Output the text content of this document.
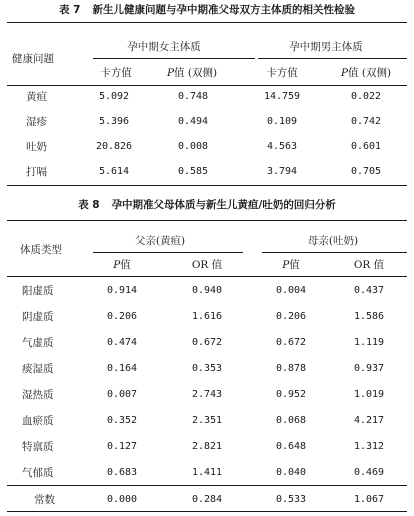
表 7 新生儿健康问题与孕中期准父母双方主体质的相关性检验
健康问题
孕中期女主体质	孕中期男主体质
卡方值	P值 (双侧)	卡方值	P值 (双侧)
黄疸	5.092	0.748	14.759	0.022
湿疹	5.396	0.494	0.109	0.742
吐奶	20.826	0.008	4.563	0.601
打嗝	5.614	0.585	3.794	0.705
表 8 孕中期准父母体质与新生儿黄疸/吐奶的回归分析
体质类型
父亲(黄疸)	母亲(吐奶)
P值	OR 值	P值	OR 值
阳虚质	0.914	0.940	0.004	0.437
阴虚质	0.206	1.616	0.206	1.586
气虚质	0.474	0.672	0.672	1.119
痰湿质	0.164	0.353	0.878	0.937
湿热质	0.007	2.743	0.952	1.019
血瘀质	0.352	2.351	0.068	4.217
特禀质	0.127	2.821	0.648	1.312
气郁质	0.683	1.411	0.040	0.469
常数	0.000	0.284	0.533	1.067
